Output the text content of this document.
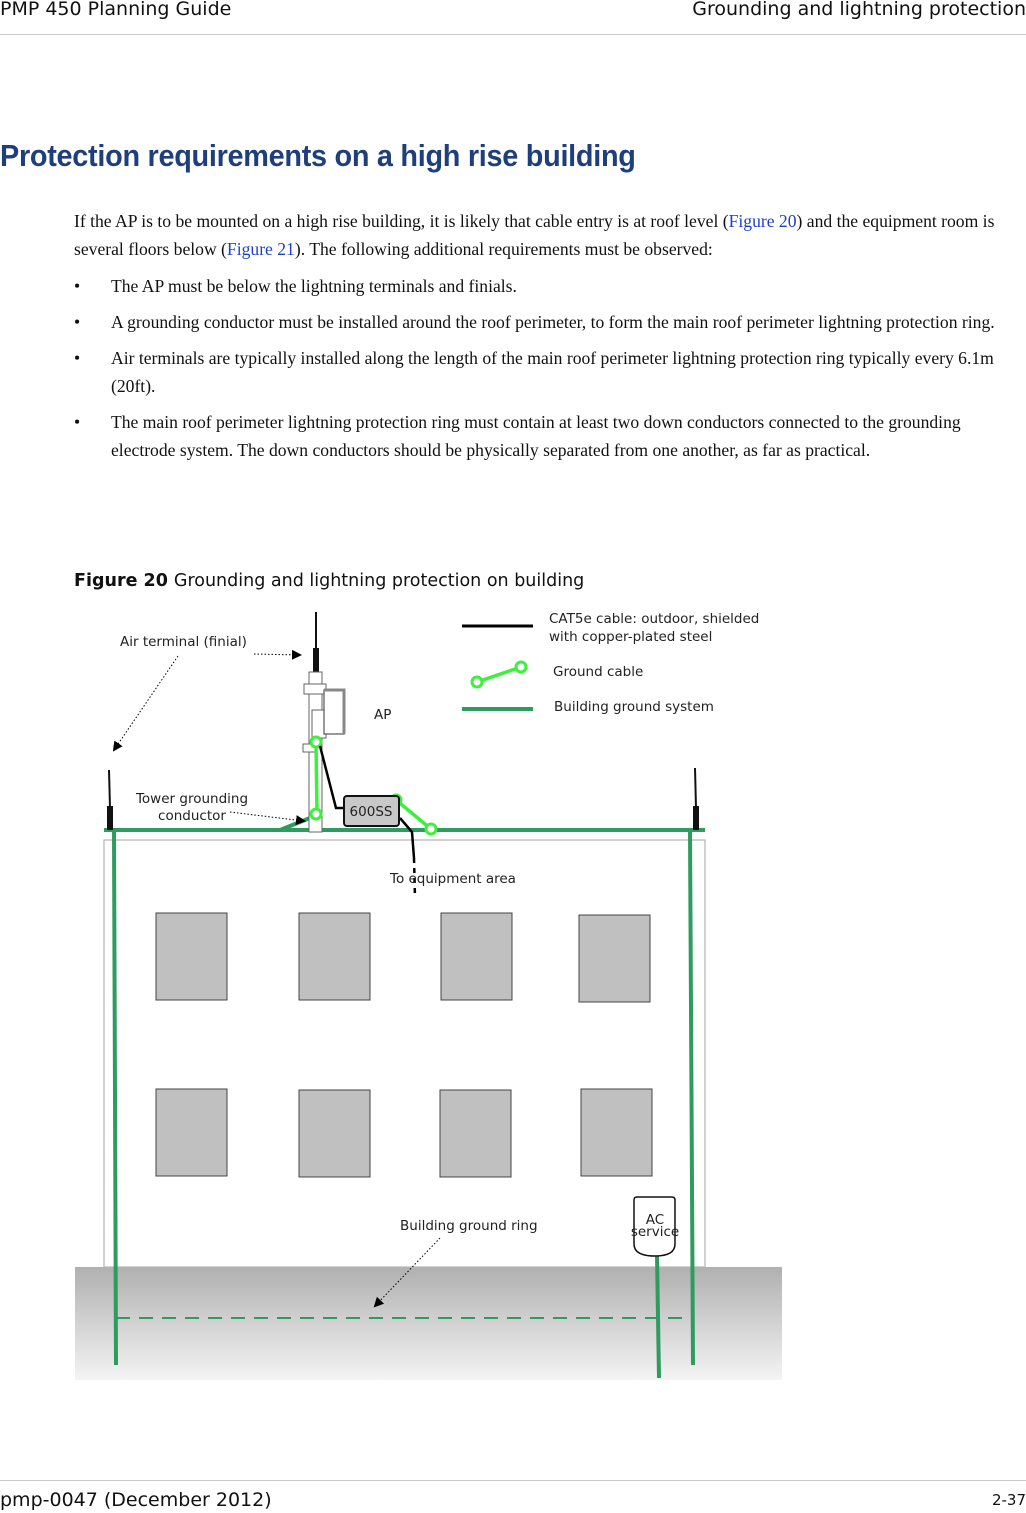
PMP 450 Planning Guide	Grounding and lightning protection
Protection requirements on a high rise building

If the AP is to be mounted on a high rise building, it is likely that cable entry is at roof level (Figure 20) and the equipment room is several floors below (Figure 21). The following additional requirements must be observed:

• The AP must be below the lightning terminals and finials.
• A grounding conductor must be installed around the roof perimeter, to form the main roof perimeter lightning protection ring.
• Air terminals are typically installed along the length of the main roof perimeter lightning protection ring typically every 6.1m (20ft).
• The main roof perimeter lightning protection ring must contain at least two down conductors connected to the grounding electrode system. The down conductors should be physically separated from one another, as far as practical.
Figure 20 Grounding and lightning protection on building
600SS
AC
service
Air terminal (finial)
AP
Tower grounding
conductor
To equipment area
Building ground ring
CAT5e cable: outdoor, shielded
with copper-plated steel
Ground cable
Building ground system
pmp-0047 (December 2012)	2-37
